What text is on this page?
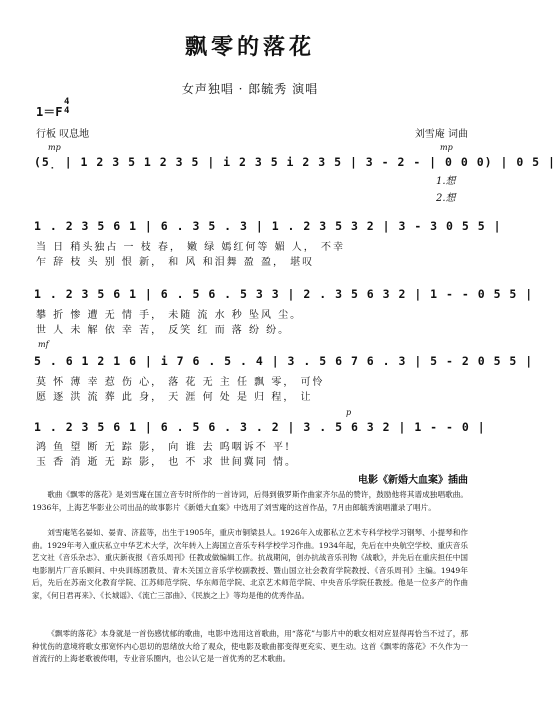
飘零的落花
女声独唱 · 郎毓秀 演唱
1＝F
4
4
行板 叹息地	刘雪庵 词曲
mp	mp
(5̣ | 1 2 3 5 1 2 3 5 | i 2 3 5 i 2 3 5 | 3 - 2 - | 0 0 0) | 0 5 |
1.想
2.想
1 . 2 3 5 6 1 | 6 . 3 5 . 3 | 1 . 2 3 5 3 2 | 3 - 3 0 5 5 |
当 日 稍头独占 一 枝 春， 嫩 绿 嫣红何等 媚 人， 不幸
乍 辞 枝 头 别 恨 新， 和 风 和泪舞 盈 盈， 堪叹
1 . 2 3 5 6 1 | 6 . 5 6 . 5 3 3 | 2 . 3 5 6 3 2 | 1 - - 0 5 5 |
攀 折 惨 遭 无 情 手， 未随 流 水 秒 坠风 尘。
世 人 未 解 依 幸 苦， 反笑 红 而 落 纷 纷。
mf
5 . 6 1 2 1 6 | i 7 6 . 5 . 4 | 3 . 5 6 7 6 . 3 | 5 - 2 0 5 5 |
莫 怀 薄 幸 惹 伤 心， 落 花 无 主 任 飘 零， 可怜
愿 逐 洪 流 葬 此 身， 天 涯 何 处 是 归 程， 让
p
1 . 2 3 5 6 1 | 6 . 5 6 . 3 . 2 | 3 . 5 6 3 2 | 1 - - 0 |
鸿 鱼 望 断 无 踪 影， 向 谁 去 呜咽诉不 平!
玉 香 消 逝 无 踪 影， 也 不 求 世间冀同 情。
电影《新婚大血案》插曲

歌曲《飘零的落花》是刘雪庵在国立音专时所作的一首诗词，后得到俄罗斯作曲家齐尔品的赞许，鼓励他将其谱成独唱歌曲。1936年，上海艺华影业公司出品的故事影片《新婚大血案》中选用了刘雪庵的这首作品，7月由郎毓秀演唱灌录了唱片。

刘雪庵笔名晏如、晏青、济蓝等，出生于1905年，重庆市铜梁县人。1926年入成都私立艺术专科学校学习钢琴、小提琴和作曲。1929年考入重庆私立中华艺术大学，次年转入上海国立音乐专科学校学习作曲。1934年起，先后在中央航空学校、重庆音乐艺文社《音乐杂志》、重庆新夜报《音乐周刊》任教或做编辑工作。抗战期间，创办抗战音乐刊物《战歌》，并先后在重庆担任中国电影制片厂音乐顾问、中央训练团教员、青木关国立音乐学校副教授、暨山国立社会教育学院教授、《音乐周刊》主编。1949年后，先后在苏南文化教育学院、江苏师范学院、华东师范学院、北京艺术师范学院、中央音乐学院任教授。他是一位多产的作曲家，《何日君再来》、《长城谣》、《流亡三部曲》、《民族之上》等均是他的优秀作品。

《飘零的落花》本身就是一首伤感忧郁的歌曲，电影中选用这首歌曲，用“落花”与影片中的歌女相对应显得再恰当不过了，那种忧伤的意境将歌女那宽怀内心思切的思绪放大给了观众，使电影及歌曲都变得更充实、更生动。这首《飘零的落花》不久作为一首流行的上海老歌被传唱，专业音乐圈内，也公认它是一首优秀的艺术歌曲。
